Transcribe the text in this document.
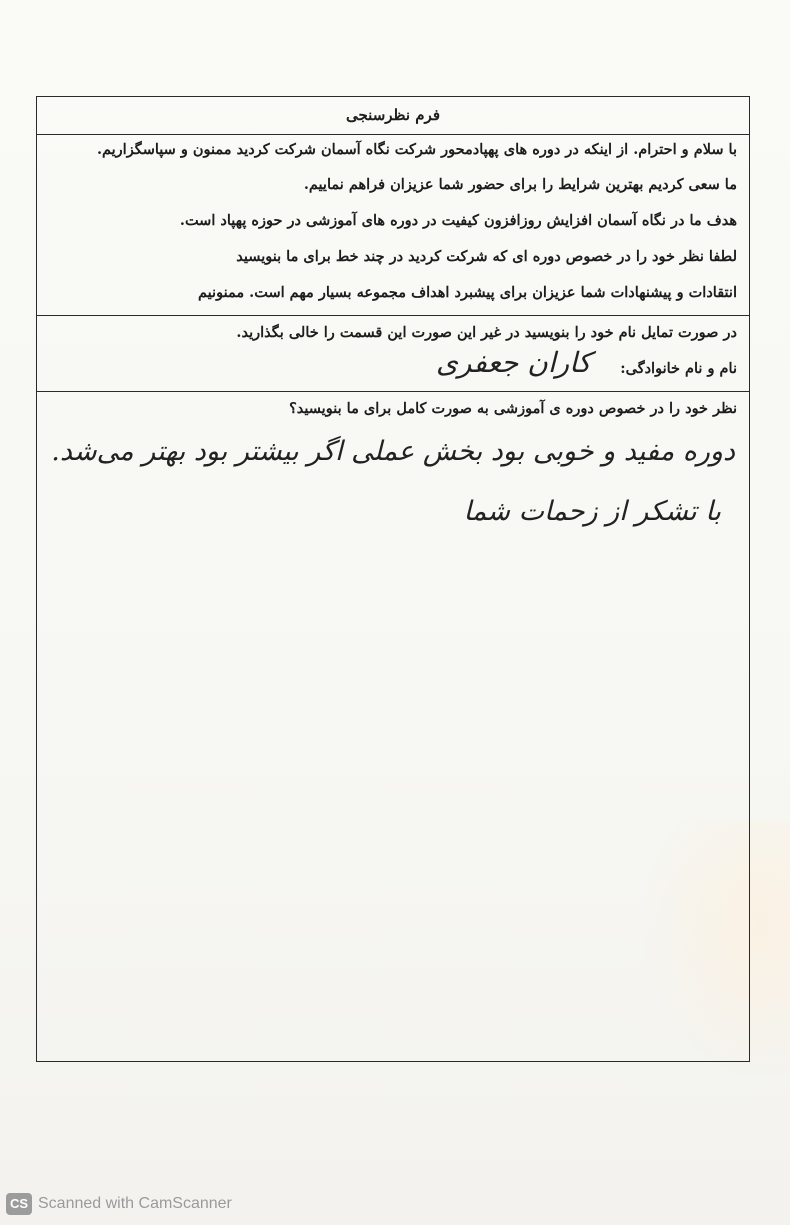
فرم نظرسنجی
با سلام و احترام. از اینکه در دوره های پهپادمحور شرکت نگاه آسمان شرکت کردید ممنون و سپاسگزاریم.
ما سعی کردیم بهترین شرایط را برای حضور شما عزیزان فراهم نماییم.
هدف ما در نگاه آسمان افزایش روزافزون کیفیت در دوره های آموزشی در حوزه پهپاد است.
لطفا نظر خود را در خصوص دوره ای که شرکت کردید در چند خط برای ما بنویسید
انتقادات و پیشنهادات شما عزیزان برای پیشبرد اهداف مجموعه بسیار مهم است. ممنونیم
در صورت تمایل نام خود را بنویسید در غیر این صورت این قسمت را خالی بگذارید.
نام و نام خانوادگی:
کاران جعفری
نظر خود را در خصوص دوره ی آموزشی به صورت کامل برای ما بنویسید؟
دوره مفید و خوبی بود بخش عملی اگر بیشتر بود بهتر می‌شد.
با تشکر از زحمات شما
CS Scanned with CamScanner
